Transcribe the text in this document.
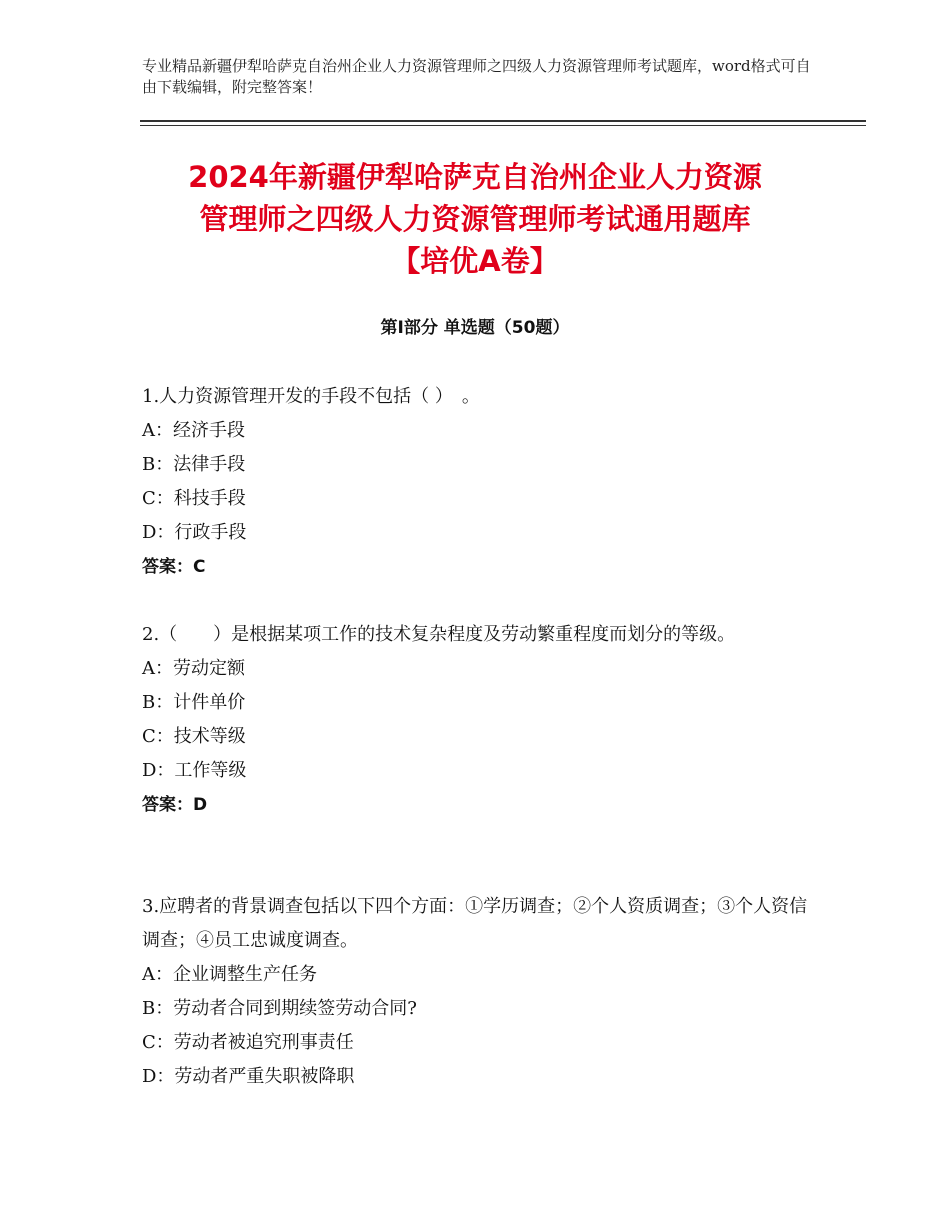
专业精品新疆伊犁哈萨克自治州企业人力资源管理师之四级人力资源管理师考试题库，word格式可自由下载编辑，附完整答案！
2024年新疆伊犁哈萨克自治州企业人力资源
管理师之四级人力资源管理师考试通用题库
【培优A卷】
第Ⅰ部分 单选题（50题）
1.人力资源管理开发的手段不包括（ ）　。
A：经济手段
B：法律手段
C：科技手段
D：行政手段
答案：C
2.（　　）是根据某项工作的技术复杂程度及劳动繁重程度而划分的等级。
A：劳动定额
B：计件单价
C：技术等级
D：工作等级
答案：D
3.应聘者的背景调查包括以下四个方面：①学历调查；②个人资质调查；③个人资信调查；④员工忠诚度调查。
A：企业调整生产任务
B：劳动者合同到期续签劳动合同?
C：劳动者被追究刑事责任
D：劳动者严重失职被降职
